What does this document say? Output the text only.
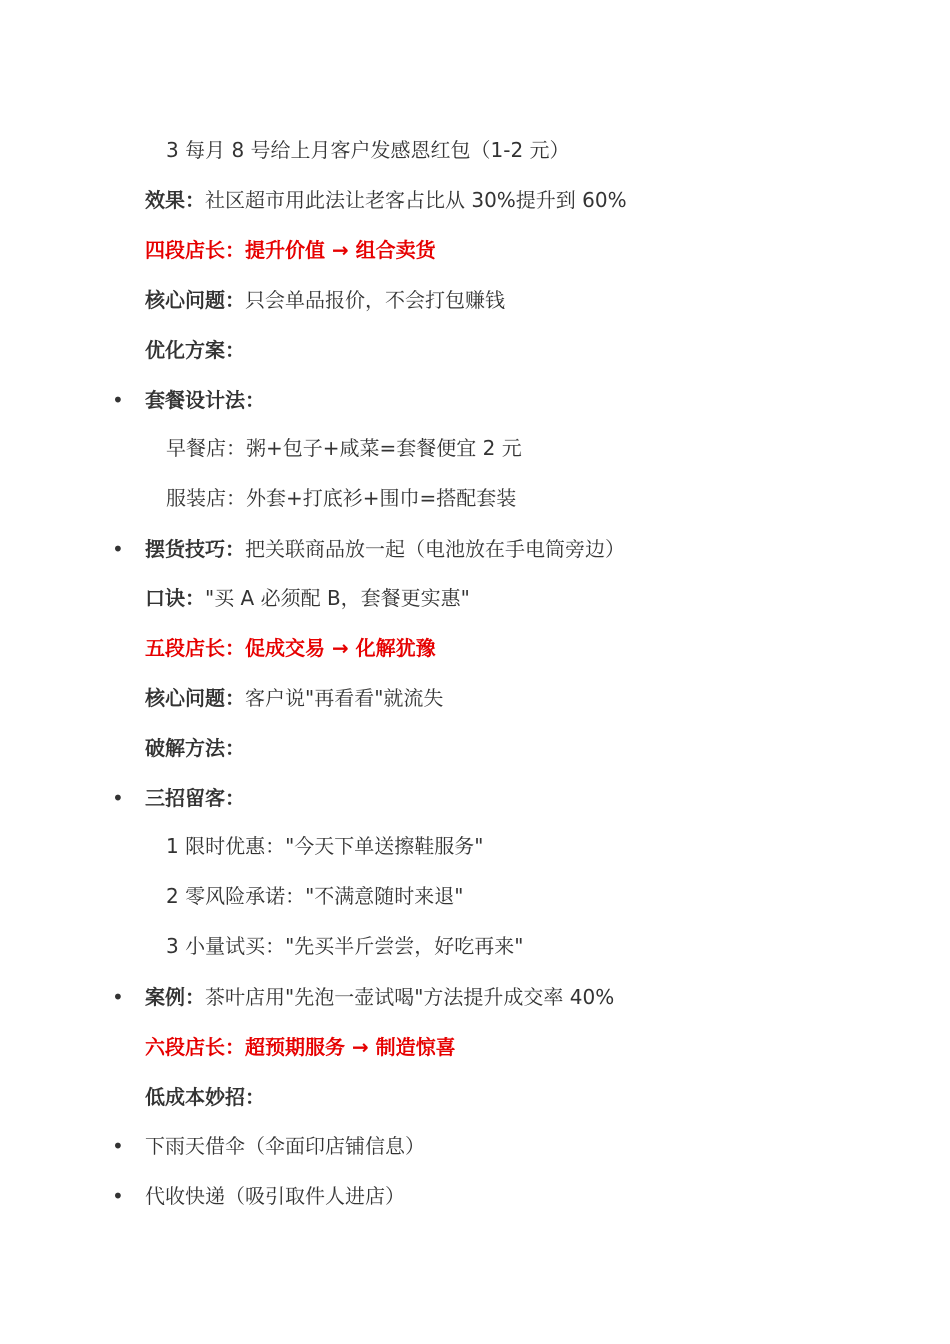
3 每月 8 号给上月客户发感恩红包（1-2 元）
效果：社区超市用此法让老客占比从 30%提升到 60%
四段店长：提升价值 → 组合卖货
核心问题：只会单品报价，不会打包赚钱
优化方案：
• 套餐设计法：
早餐店：粥+包子+咸菜=套餐便宜 2 元
服装店：外套+打底衫+围巾=搭配套装
• 摆货技巧：把关联商品放一起（电池放在手电筒旁边）
口诀："买 A 必须配 B，套餐更实惠"
五段店长：促成交易 → 化解犹豫
核心问题：客户说"再看看"就流失
破解方法：
• 三招留客：
1 限时优惠："今天下单送擦鞋服务"
2 零风险承诺："不满意随时来退"
3 小量试买："先买半斤尝尝，好吃再来"
• 案例：茶叶店用"先泡一壶试喝"方法提升成交率 40%
六段店长：超预期服务 → 制造惊喜
低成本妙招：
• 下雨天借伞（伞面印店铺信息）
• 代收快递（吸引取件人进店）
